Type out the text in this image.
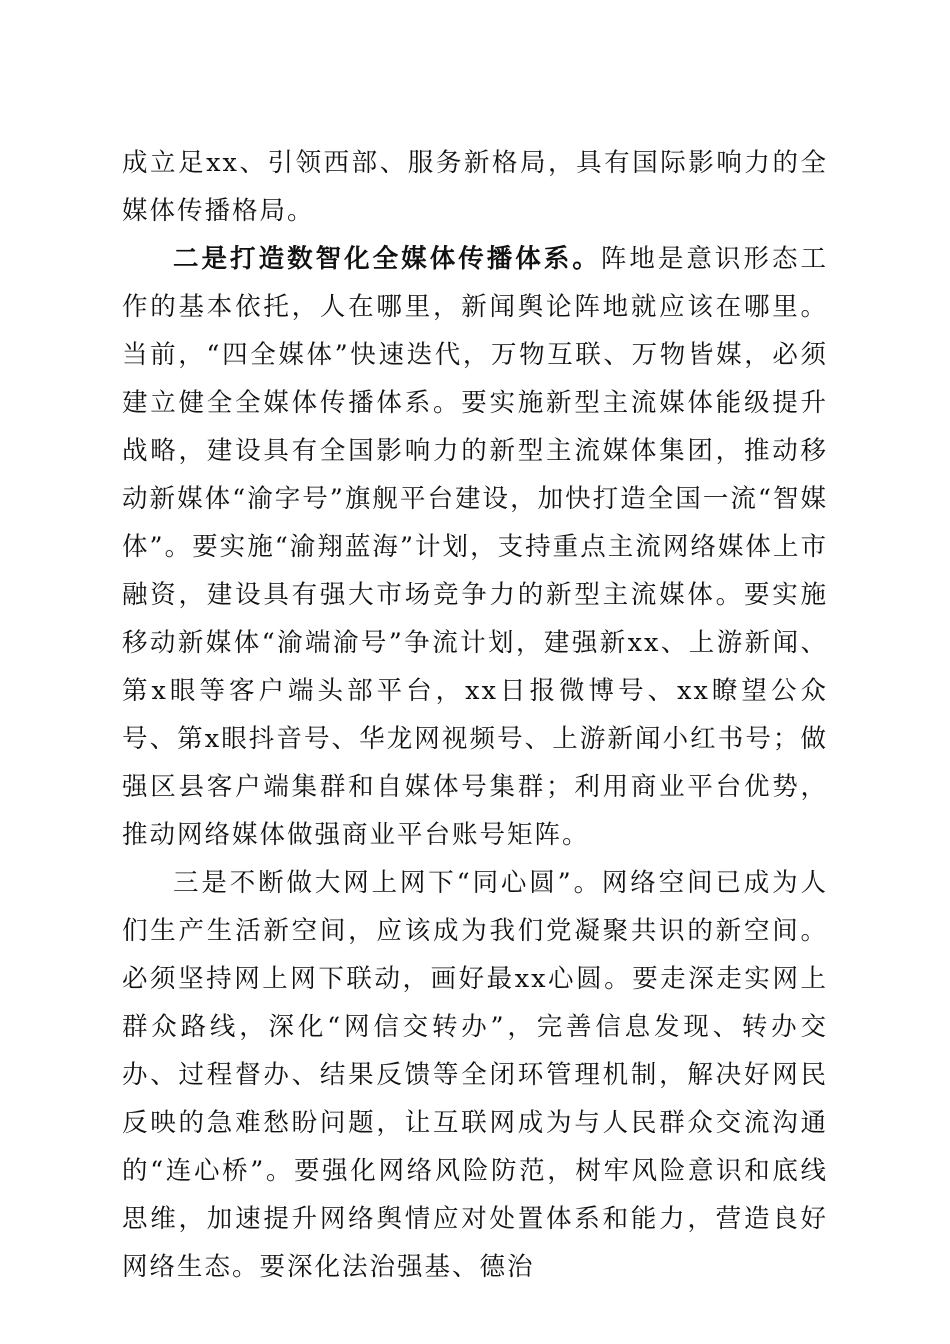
成立足xx、引领西部、服务新格局，具有国际影响力的全媒体传播格局。

二是打造数智化全媒体传播体系。阵地是意识形态工作的基本依托，人在哪里，新闻舆论阵地就应该在哪里。当前，“四全媒体”快速迭代，万物互联、万物皆媒，必须建立健全全媒体传播体系。要实施新型主流媒体能级提升战略，建设具有全国影响力的新型主流媒体集团，推动移动新媒体“渝字号”旗舰平台建设，加快打造全国一流“智媒体”。要实施“渝翔蓝海”计划，支持重点主流网络媒体上市融资，建设具有强大市场竞争力的新型主流媒体。要实施移动新媒体“渝端渝号”争流计划，建强新xx、上游新闻、第x眼等客户端头部平台，xx日报微博号、xx瞭望公众号、第x眼抖音号、华龙网视频号、上游新闻小红书号；做强区县客户端集群和自媒体号集群；利用商业平台优势，推动网络媒体做强商业平台账号矩阵。

三是不断做大网上网下“同心圆”。网络空间已成为人们生产生活新空间，应该成为我们党凝聚共识的新空间。必须坚持网上网下联动，画好最xx心圆。要走深走实网上群众路线，深化“网信交转办”，完善信息发现、转办交办、过程督办、结果反馈等全闭环管理机制，解决好网民反映的急难愁盼问题，让互联网成为与人民群众交流沟通的“连心桥”。要强化网络风险防范，树牢风险意识和底线思维，加速提升网络舆情应对处置体系和能力，营造良好网络生态。要深化法治强基、德治
